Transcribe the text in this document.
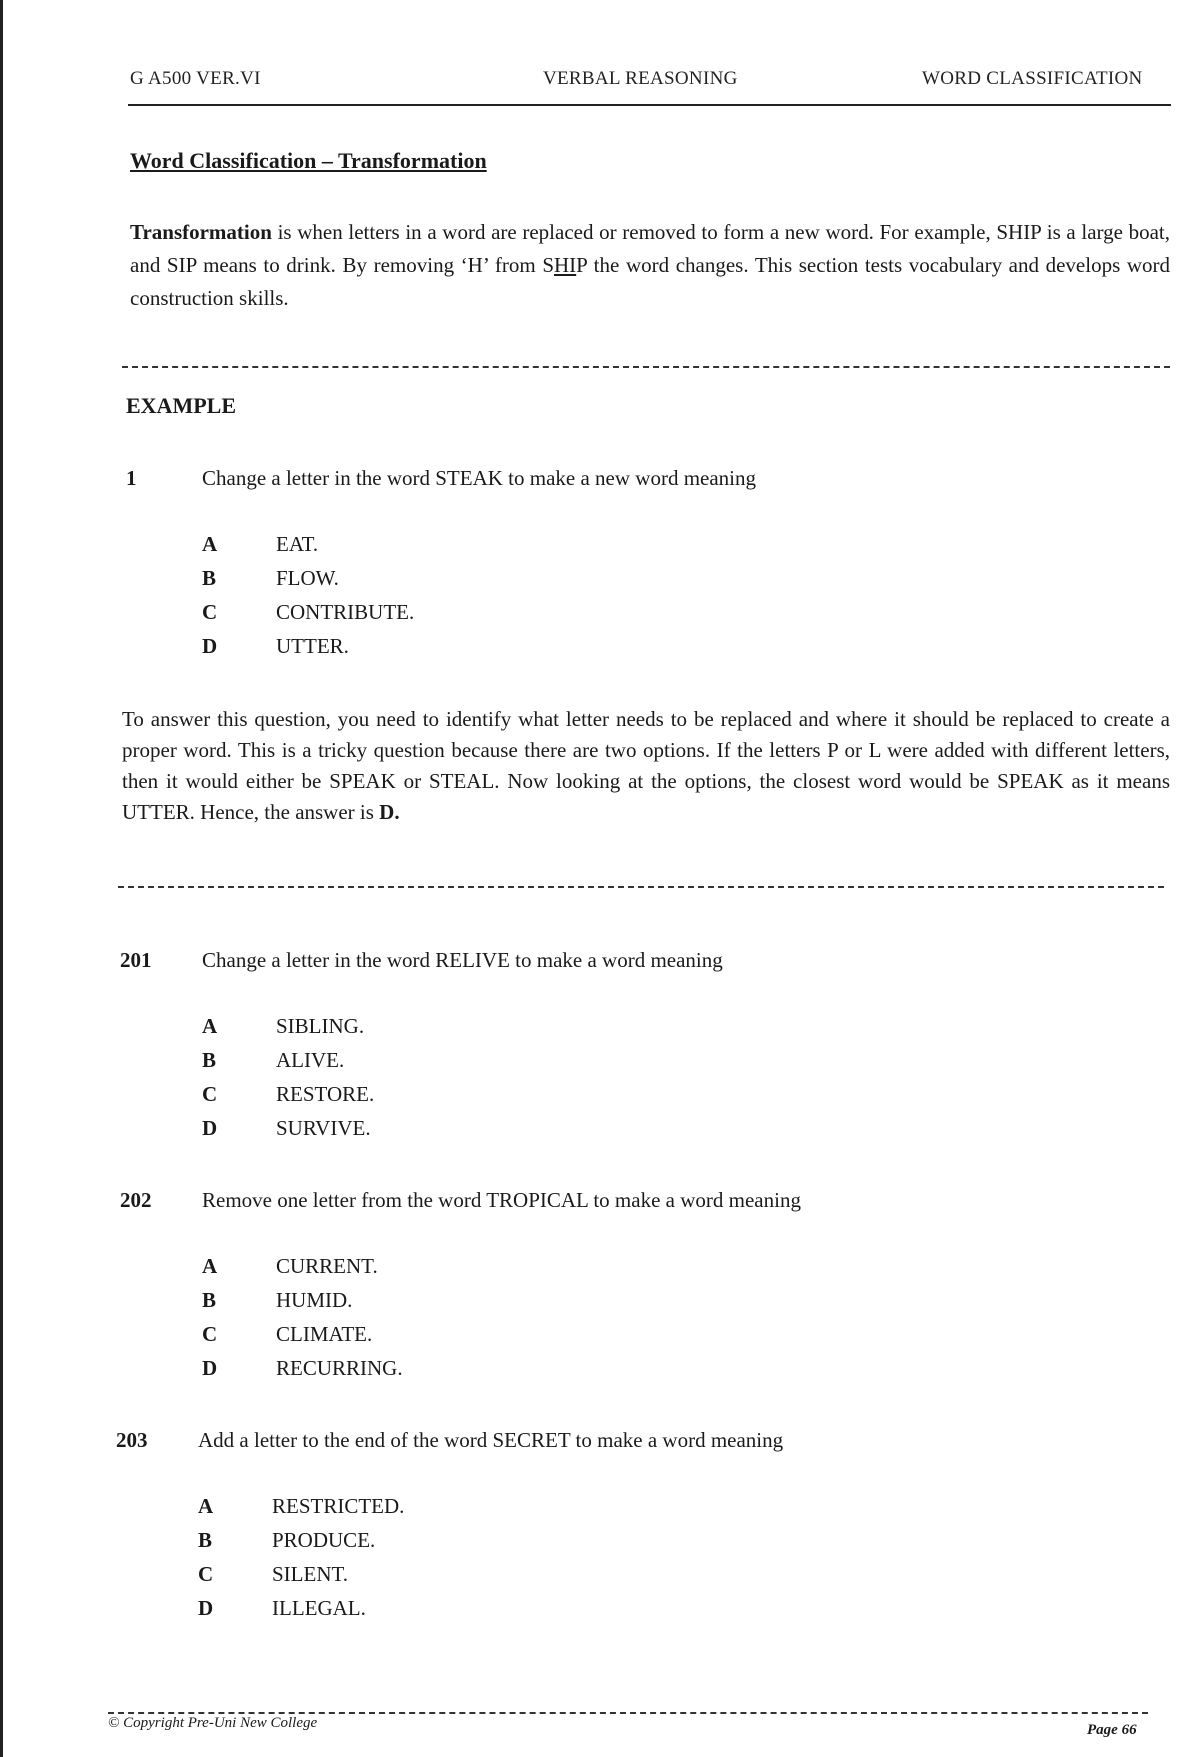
G A500 VER.VI	VERBAL REASONING	WORD CLASSIFICATION
Word Classification – Transformation
Transformation is when letters in a word are replaced or removed to form a new word. For example, SHIP is a large boat, and SIP means to drink. By removing ‘H’ from SHIP the word changes. This section tests vocabulary and develops word construction skills.
EXAMPLE
1	Change a letter in the word STEAK to make a new word meaning
A	EAT.
B	FLOW.
C	CONTRIBUTE.
D	UTTER.
To answer this question, you need to identify what letter needs to be replaced and where it should be replaced to create a proper word. This is a tricky question because there are two options. If the letters P or L were added with different letters, then it would either be SPEAK or STEAL. Now looking at the options, the closest word would be SPEAK as it means UTTER. Hence, the answer is D.
201 Change a letter in the word RELIVE to make a word meaning
A	SIBLING.
B	ALIVE.
C	RESTORE.
D	SURVIVE.
202 Remove one letter from the word TROPICAL to make a word meaning
A	CURRENT.
B	HUMID.
C	CLIMATE.
D	RECURRING.
203 Add a letter to the end of the word SECRET to make a word meaning
A	RESTRICTED.
B	PRODUCE.
C	SILENT.
D	ILLEGAL.
© Copyright Pre-Uni New College	Page 66
